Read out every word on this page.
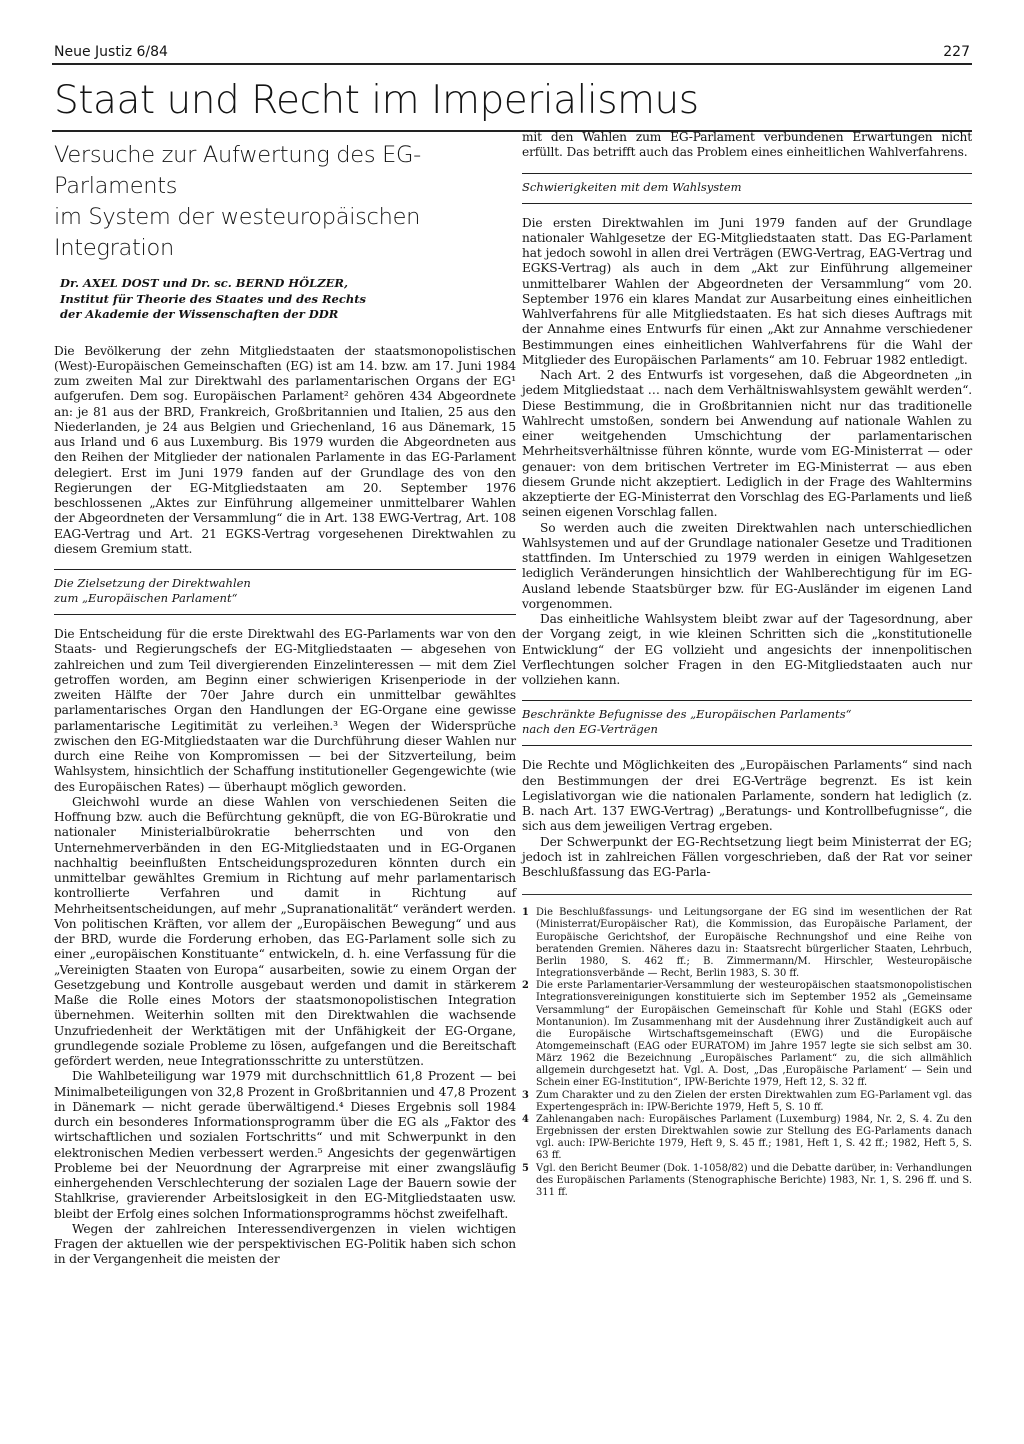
Neue Justiz 6/84	227
Staat und Recht im Imperialismus
Versuche zur Aufwertung des EG-Parlaments
im System der westeuropäischen Integration
Dr. AXEL DOST und Dr. sc. BERND HÖLZER,
Institut für Theorie des Staates und des Rechts
der Akademie der Wissenschaften der DDR

Die Bevölkerung der zehn Mitgliedstaaten der staatsmonopolistischen (West)-Europäischen Gemeinschaften (EG) ist am 14. bzw. am 17. Juni 1984 zum zweiten Mal zur Direktwahl des parlamentarischen Organs der EG¹ aufgerufen. Dem sog. Europäischen Parlament² gehören 434 Abgeordnete an: je 81 aus der BRD, Frankreich, Großbritannien und Italien, 25 aus den Niederlanden, je 24 aus Belgien und Griechenland, 16 aus Dänemark, 15 aus Irland und 6 aus Luxemburg. Bis 1979 wurden die Abgeordneten aus den Reihen der Mitglieder der nationalen Parlamente in das EG-Parlament delegiert. Erst im Juni 1979 fanden auf der Grundlage des von den Regierungen der EG-Mitgliedstaaten am 20. September 1976 beschlossenen „Aktes zur Einführung allgemeiner unmittelbarer Wahlen der Abgeordneten der Versammlung“ die in Art. 138 EWG-Vertrag, Art. 108 EAG-Vertrag und Art. 21 EGKS-Vertrag vorgesehenen Direktwahlen zu diesem Gremium statt.

Die Zielsetzung der Direktwahlen
zum „Europäischen Parlament“

Die Entscheidung für die erste Direktwahl des EG-Parlaments war von den Staats- und Regierungschefs der EG-Mitgliedstaaten — abgesehen von zahlreichen und zum Teil divergierenden Einzelinteressen — mit dem Ziel getroffen worden, am Beginn einer schwierigen Krisenperiode in der zweiten Hälfte der 70er Jahre durch ein unmittelbar gewähltes parlamentarisches Organ den Handlungen der EG-Organe eine gewisse parlamentarische Legitimität zu verleihen.³ Wegen der Widersprüche zwischen den EG-Mitgliedstaaten war die Durchführung dieser Wahlen nur durch eine Reihe von Kompromissen — bei der Sitzverteilung, beim Wahlsystem, hinsichtlich der Schaffung institutioneller Gegengewichte (wie des Europäischen Rates) — überhaupt möglich geworden.

Gleichwohl wurde an diese Wahlen von verschiedenen Seiten die Hoffnung bzw. auch die Befürchtung geknüpft, die von EG-Bürokratie und nationaler Ministerialbürokratie beherrschten und von den Unternehmerverbänden in den EG-Mitgliedstaaten und in EG-Organen nachhaltig beeinflußten Entscheidungsprozeduren könnten durch ein unmittelbar gewähltes Gremium in Richtung auf mehr parlamentarisch kontrollierte Verfahren und damit in Richtung auf Mehrheitsentscheidungen, auf mehr „Supranationalität“ verändert werden. Von politischen Kräften, vor allem der „Europäischen Bewegung“ und aus der BRD, wurde die Forderung erhoben, das EG-Parlament solle sich zu einer „europäischen Konstituante“ entwickeln, d. h. eine Verfassung für die „Vereinigten Staaten von Europa“ ausarbeiten, sowie zu einem Organ der Gesetzgebung und Kontrolle ausgebaut werden und damit in stärkerem Maße die Rolle eines Motors der staatsmonopolistischen Integration übernehmen. Weiterhin sollten mit den Direktwahlen die wachsende Unzufriedenheit der Werktätigen mit der Unfähigkeit der EG-Organe, grundlegende soziale Probleme zu lösen, aufgefangen und die Bereitschaft gefördert werden, neue Integrationsschritte zu unterstützen.

Die Wahlbeteiligung war 1979 mit durchschnittlich 61,8 Prozent — bei Minimalbeteiligungen von 32,8 Prozent in Großbritannien und 47,8 Prozent in Dänemark — nicht gerade überwältigend.⁴ Dieses Ergebnis soll 1984 durch ein besonderes Informationsprogramm über die EG als „Faktor des wirtschaftlichen und sozialen Fortschritts“ und mit Schwerpunkt in den elektronischen Medien verbessert werden.⁵ Angesichts der gegenwärtigen Probleme bei der Neuordnung der Agrarpreise mit einer zwangsläufig einhergehenden Verschlechterung der sozialen Lage der Bauern sowie der Stahlkrise, gravierender Arbeitslosigkeit in den EG-Mitgliedstaaten usw. bleibt der Erfolg eines solchen Informationsprogramms höchst zweifelhaft.

Wegen der zahlreichen Interessendivergenzen in vielen wichtigen Fragen der aktuellen wie der perspektivischen EG-Politik haben sich schon in der Vergangenheit die meisten der

mit den Wahlen zum EG-Parlament verbundenen Erwartungen nicht erfüllt. Das betrifft auch das Problem eines einheitlichen Wahlverfahrens.

Schwierigkeiten mit dem Wahlsystem

Die ersten Direktwahlen im Juni 1979 fanden auf der Grundlage nationaler Wahlgesetze der EG-Mitgliedstaaten statt. Das EG-Parlament hat jedoch sowohl in allen drei Verträgen (EWG-Vertrag, EAG-Vertrag und EGKS-Vertrag) als auch in dem „Akt zur Einführung allgemeiner unmittelbarer Wahlen der Abgeordneten der Versammlung“ vom 20. September 1976 ein klares Mandat zur Ausarbeitung eines einheitlichen Wahlverfahrens für alle Mitgliedstaaten. Es hat sich dieses Auftrags mit der Annahme eines Entwurfs für einen „Akt zur Annahme verschiedener Bestimmungen eines einheitlichen Wahlverfahrens für die Wahl der Mitglieder des Europäischen Parlaments“ am 10. Februar 1982 entledigt.

Nach Art. 2 des Entwurfs ist vorgesehen, daß die Abgeordneten „in jedem Mitgliedstaat … nach dem Verhältniswahlsystem gewählt werden“. Diese Bestimmung, die in Großbritannien nicht nur das traditionelle Wahlrecht umstoßen, sondern bei Anwendung auf nationale Wahlen zu einer weitgehenden Umschichtung der parlamentarischen Mehrheitsverhältnisse führen könnte, wurde vom EG-Ministerrat — oder genauer: von dem britischen Vertreter im EG-Ministerrat — aus eben diesem Grunde nicht akzeptiert. Lediglich in der Frage des Wahltermins akzeptierte der EG-Ministerrat den Vorschlag des EG-Parlaments und ließ seinen eigenen Vorschlag fallen.

So werden auch die zweiten Direktwahlen nach unterschiedlichen Wahlsystemen und auf der Grundlage nationaler Gesetze und Traditionen stattfinden. Im Unterschied zu 1979 werden in einigen Wahlgesetzen lediglich Veränderungen hinsichtlich der Wahlberechtigung für im EG-Ausland lebende Staatsbürger bzw. für EG-Ausländer im eigenen Land vorgenommen.

Das einheitliche Wahlsystem bleibt zwar auf der Tagesordnung, aber der Vorgang zeigt, in wie kleinen Schritten sich die „konstitutionelle Entwicklung“ der EG vollzieht und angesichts der innenpolitischen Verflechtungen solcher Fragen in den EG-Mitgliedstaaten auch nur vollziehen kann.

Beschränkte Befugnisse des „Europäischen Parlaments“
nach den EG-Verträgen

Die Rechte und Möglichkeiten des „Europäischen Parlaments“ sind nach den Bestimmungen der drei EG-Verträge begrenzt. Es ist kein Legislativorgan wie die nationalen Parlamente, sondern hat lediglich (z. B. nach Art. 137 EWG-Vertrag) „Beratungs- und Kontrollbefugnisse“, die sich aus dem jeweiligen Vertrag ergeben.

Der Schwerpunkt der EG-Rechtsetzung liegt beim Ministerrat der EG; jedoch ist in zahlreichen Fällen vorgeschrieben, daß der Rat vor seiner Beschlußfassung das EG-Parla-

1 Die Beschlußfassungs- und Leitungsorgane der EG sind im wesentlichen der Rat (Ministerrat/Europäischer Rat), die Kommission, das Europäische Parlament, der Europäische Gerichtshof, der Europäische Rechnungshof und eine Reihe von beratenden Gremien. Näheres dazu in: Staatsrecht bürgerlicher Staaten, Lehrbuch, Berlin 1980, S. 462 ff.; B. Zimmermann/M. Hirschler, Westeuropäische Integrationsverbände — Recht, Berlin 1983, S. 30 ff.
2 Die erste Parlamentarier-Versammlung der westeuropäischen staatsmonopolistischen Integrationsvereinigungen konstituierte sich im September 1952 als „Gemeinsame Versammlung“ der Europäischen Gemeinschaft für Kohle und Stahl (EGKS oder Montanunion). Im Zusammenhang mit der Ausdehnung ihrer Zuständigkeit auch auf die Europäische Wirtschaftsgemeinschaft (EWG) und die Europäische Atomgemeinschaft (EAG oder EURATOM) im Jahre 1957 legte sie sich selbst am 30. März 1962 die Bezeichnung „Europäisches Parlament“ zu, die sich allmählich allgemein durchgesetzt hat. Vgl. A. Dost, „Das ‚Europäische Parlament‘ — Sein und Schein einer EG-Institution“, IPW-Berichte 1979, Heft 12, S. 32 ff.
3 Zum Charakter und zu den Zielen der ersten Direktwahlen zum EG-Parlament vgl. das Expertengespräch in: IPW-Berichte 1979, Heft 5, S. 10 ff.
4 Zahlenangaben nach: Europäisches Parlament (Luxemburg) 1984, Nr. 2, S. 4. Zu den Ergebnissen der ersten Direktwahlen sowie zur Stellung des EG-Parlaments danach vgl. auch: IPW-Berichte 1979, Heft 9, S. 45 ff.; 1981, Heft 1, S. 42 ff.; 1982, Heft 5, S. 63 ff.
5 Vgl. den Bericht Beumer (Dok. 1-1058/82) und die Debatte darüber, in: Verhandlungen des Europäischen Parlaments (Stenographische Berichte) 1983, Nr. 1, S. 296 ff. und S. 311 ff.
